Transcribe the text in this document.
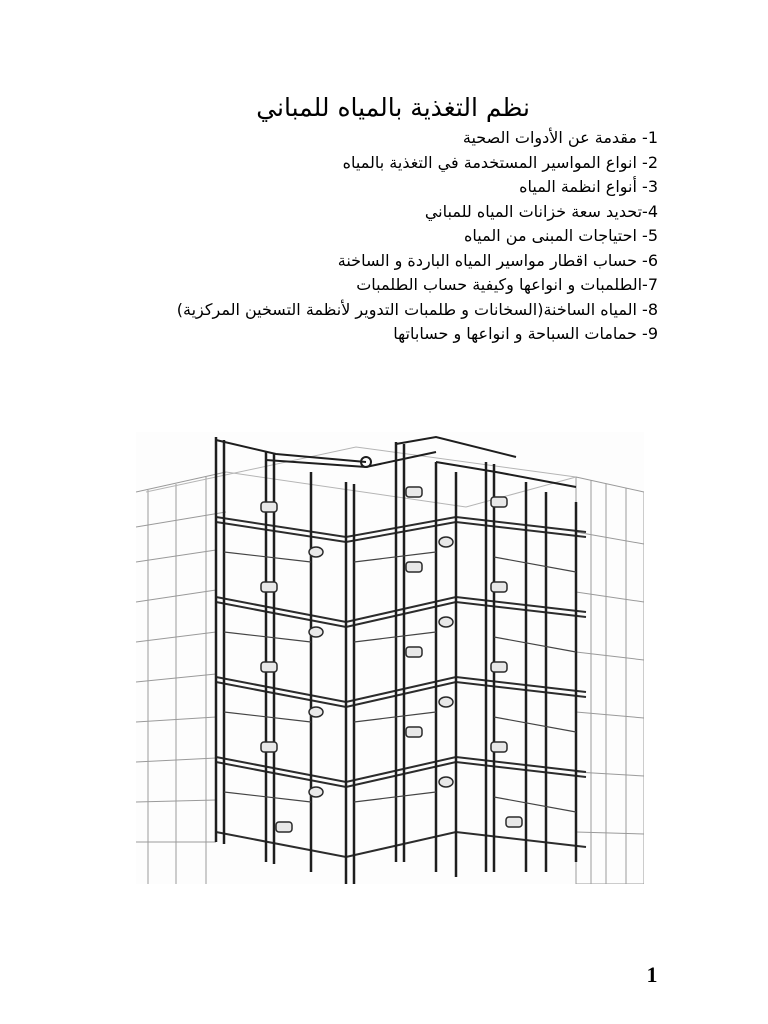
نظم التغذية بالمياه للمباني
1- مقدمة عن الأدوات الصحية
2- انواع المواسير المستخدمة في التغذية بالمياه
3- أنواع انظمة المياه
4-تحديد سعة خزانات المياه للمباني
5- احتياجات المبنى من المياه
6- حساب اقطار مواسير المياه الباردة و الساخنة
7-الطلمبات و انواعها وكيفية حساب الطلمبات
8- المياه الساخنة(السخانات و طلمبات التدوير لأنظمة التسخين المركزية)
9- حمامات السباحة و انواعها و حساباتها
1
